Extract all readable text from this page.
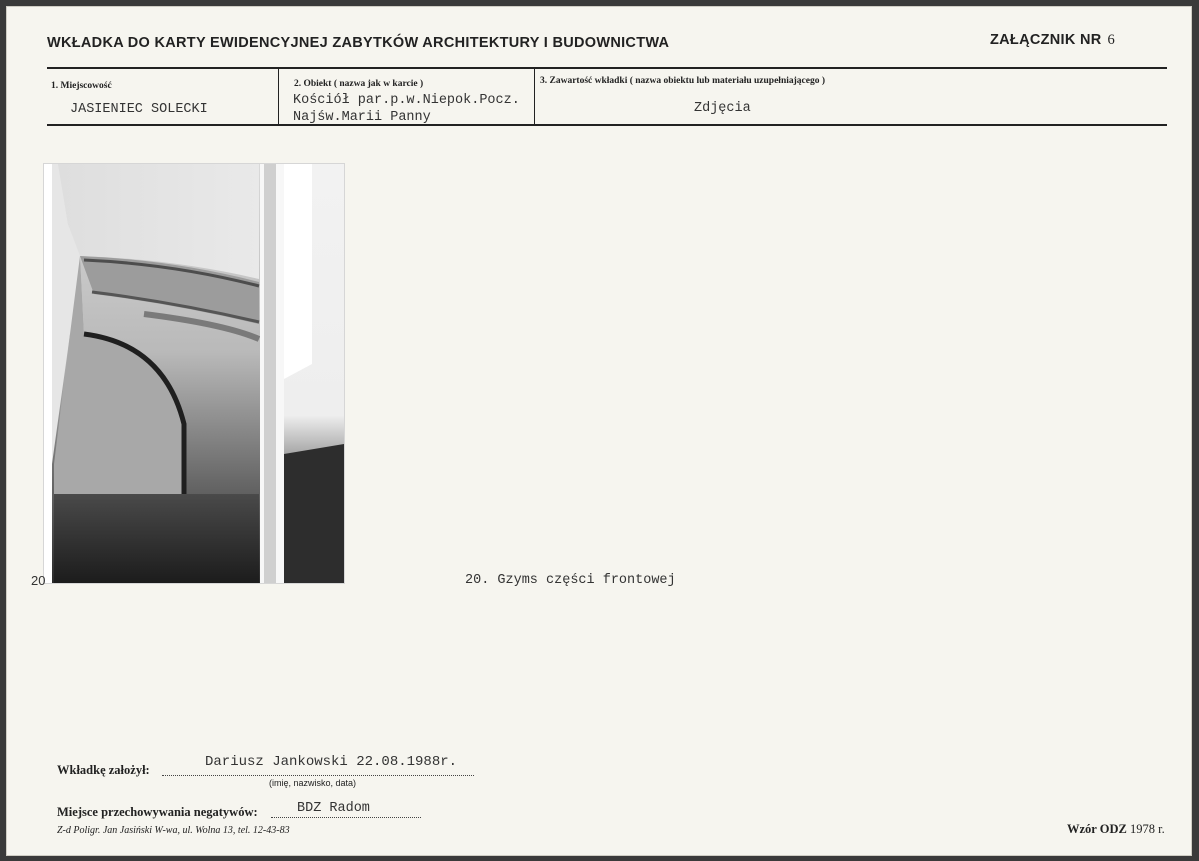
WKŁADKA DO KARTY EWIDENCYJNEJ ZABYTKÓW ARCHITEKTURY I BUDOWNICTWA	ZAŁĄCZNIK NR 6
1. Miejscowość
JASIENIEC SOLECKI
2. Obiekt ( nazwa jak w karcie )
Kościół par.p.w.Niepok.Pocz.
Najśw.Marii Panny
3. Zawartość wkładki ( nazwa obiektu lub materiału uzupełniającego )
Zdjęcia
20	20. Gzyms części frontowej
Wkładkę założył:	Dariusz Jankowski 22.08.1988r.
(imię, nazwisko, data)
Miejsce przechowywania negatywów:	BDZ Radom
Z-d Poligr. Jan Jasiński W-wa, ul. Wolna 13, tel. 12-43-83	Wzór ODZ 1978 r.
